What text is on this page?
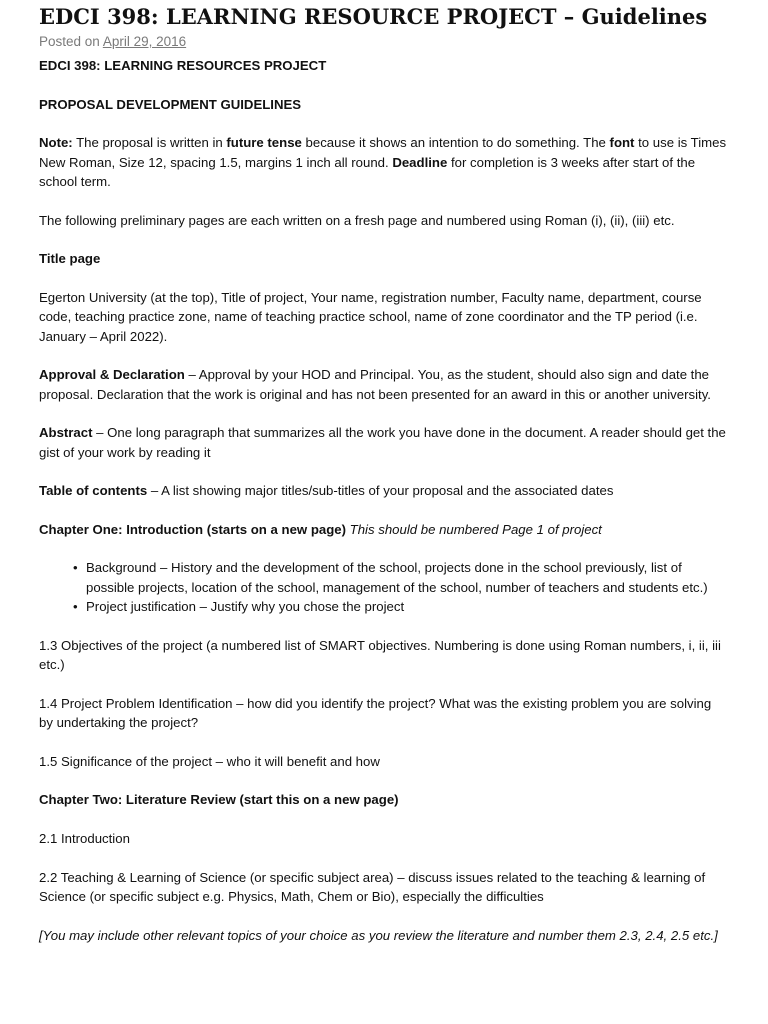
EDCI 398: LEARNING RESOURCE PROJECT – Guidelines
Posted on April 29, 2016

EDCI 398: LEARNING RESOURCES PROJECT

PROPOSAL DEVELOPMENT GUIDELINES

Note: The proposal is written in future tense because it shows an intention to do something. The font to use is Times New Roman, Size 12, spacing 1.5, margins 1 inch all round. Deadline for completion is 3 weeks after start of the school term.

The following preliminary pages are each written on a fresh page and numbered using Roman (i), (ii), (iii) etc.

Title page

Egerton University (at the top), Title of project, Your name, registration number, Faculty name, department, course code, teaching practice zone, name of teaching practice school, name of zone coordinator and the TP period (i.e. January – April 2022).

Approval & Declaration – Approval by your HOD and Principal. You, as the student, should also sign and date the proposal. Declaration that the work is original and has not been presented for an award in this or another university.

Abstract – One long paragraph that summarizes all the work you have done in the document. A reader should get the gist of your work by reading it

Table of contents – A list showing major titles/sub-titles of your proposal and the associated dates

Chapter One: Introduction (starts on a new page) This should be numbered Page 1 of project

• Background – History and the development of the school, projects done in the school previously, list of possible projects, location of the school, management of the school, number of teachers and students etc.)
• Project justification – Justify why you chose the project

1.3 Objectives of the project (a numbered list of SMART objectives. Numbering is done using Roman numbers, i, ii, iii etc.)

1.4 Project Problem Identification – how did you identify the project? What was the existing problem you are solving by undertaking the project?

1.5 Significance of the project – who it will benefit and how

Chapter Two: Literature Review (start this on a new page)

2.1 Introduction

2.2 Teaching & Learning of Science (or specific subject area) – discuss issues related to the teaching & learning of Science (or specific subject e.g. Physics, Math, Chem or Bio), especially the difficulties

[You may include other relevant topics of your choice as you review the literature and number them 2.3, 2.4, 2.5 etc.]
